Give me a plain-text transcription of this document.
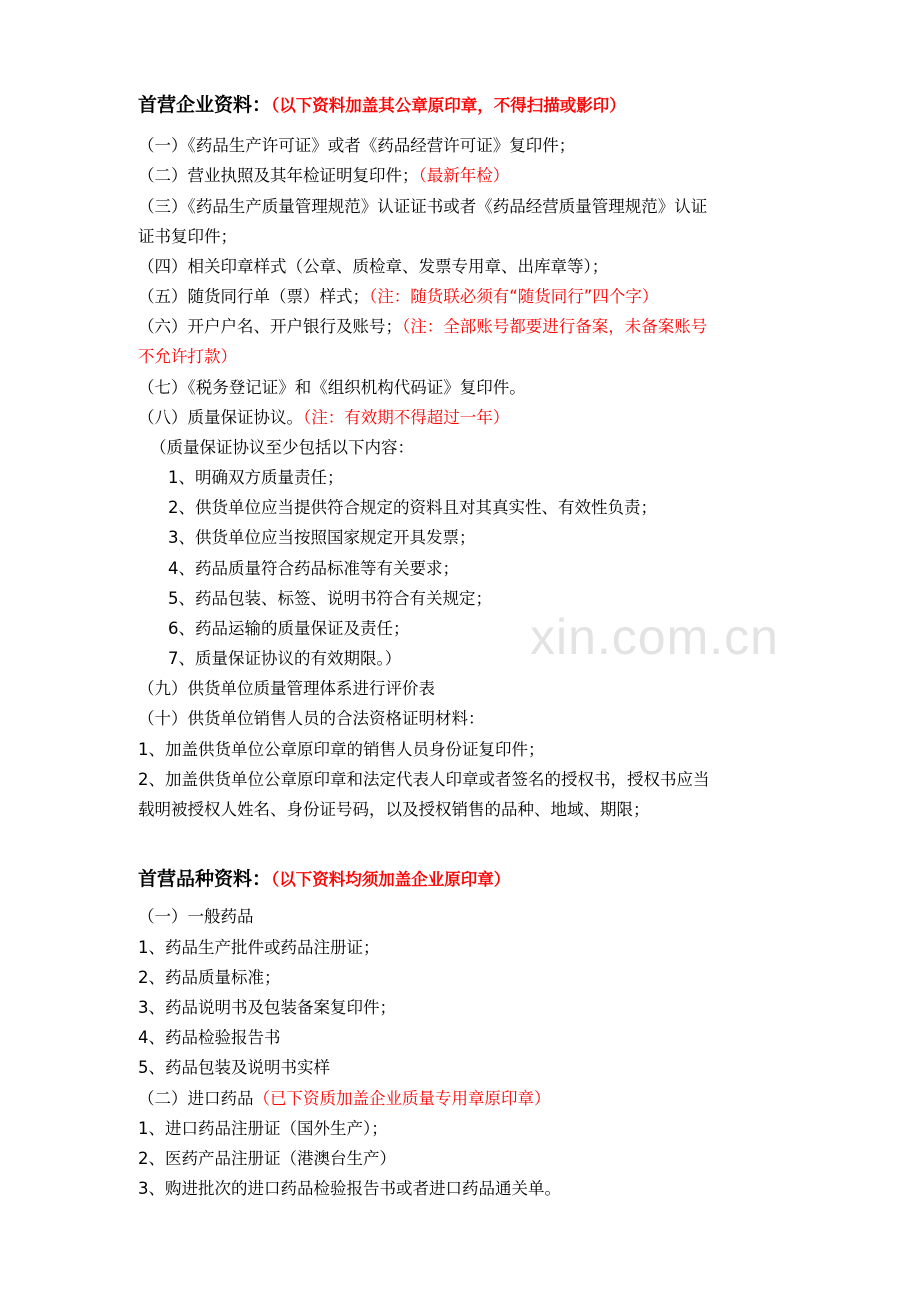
xin.com.cn
首营企业资料：（以下资料加盖其公章原印章，不得扫描或影印）
（一）《药品生产许可证》或者《药品经营许可证》复印件；
（二）营业执照及其年检证明复印件；（最新年检）
（三）《药品生产质量管理规范》认证证书或者《药品经营质量管理规范》认证
证书复印件；
（四）相关印章样式（公章、质检章、发票专用章、出库章等）；
（五）随货同行单（票）样式；（注：随货联必须有“随货同行”四个字）
（六）开户户名、开户银行及账号；（注：全部账号都要进行备案，未备案账号
不允许打款）
（七）《税务登记证》和《组织机构代码证》复印件。
（八）质量保证协议。（注：有效期不得超过一年）
（质量保证协议至少包括以下内容：
1、明确双方质量责任；
2、供货单位应当提供符合规定的资料且对其真实性、有效性负责；
3、供货单位应当按照国家规定开具发票；
4、药品质量符合药品标准等有关要求；
5、药品包装、标签、说明书符合有关规定；
6、药品运输的质量保证及责任；
7、质量保证协议的有效期限。）
（九）供货单位质量管理体系进行评价表
（十）供货单位销售人员的合法资格证明材料：
1、加盖供货单位公章原印章的销售人员身份证复印件；
2、加盖供货单位公章原印章和法定代表人印章或者签名的授权书，授权书应当
载明被授权人姓名、身份证号码，以及授权销售的品种、地域、期限；
首营品种资料：（以下资料均须加盖企业原印章）
（一）一般药品
1、药品生产批件或药品注册证；
2、药品质量标准；
3、药品说明书及包装备案复印件；
4、药品检验报告书
5、药品包装及说明书实样
（二）进口药品（已下资质加盖企业质量专用章原印章）
1、进口药品注册证（国外生产）；
2、医药产品注册证（港澳台生产）
3、购进批次的进口药品检验报告书或者进口药品通关单。
